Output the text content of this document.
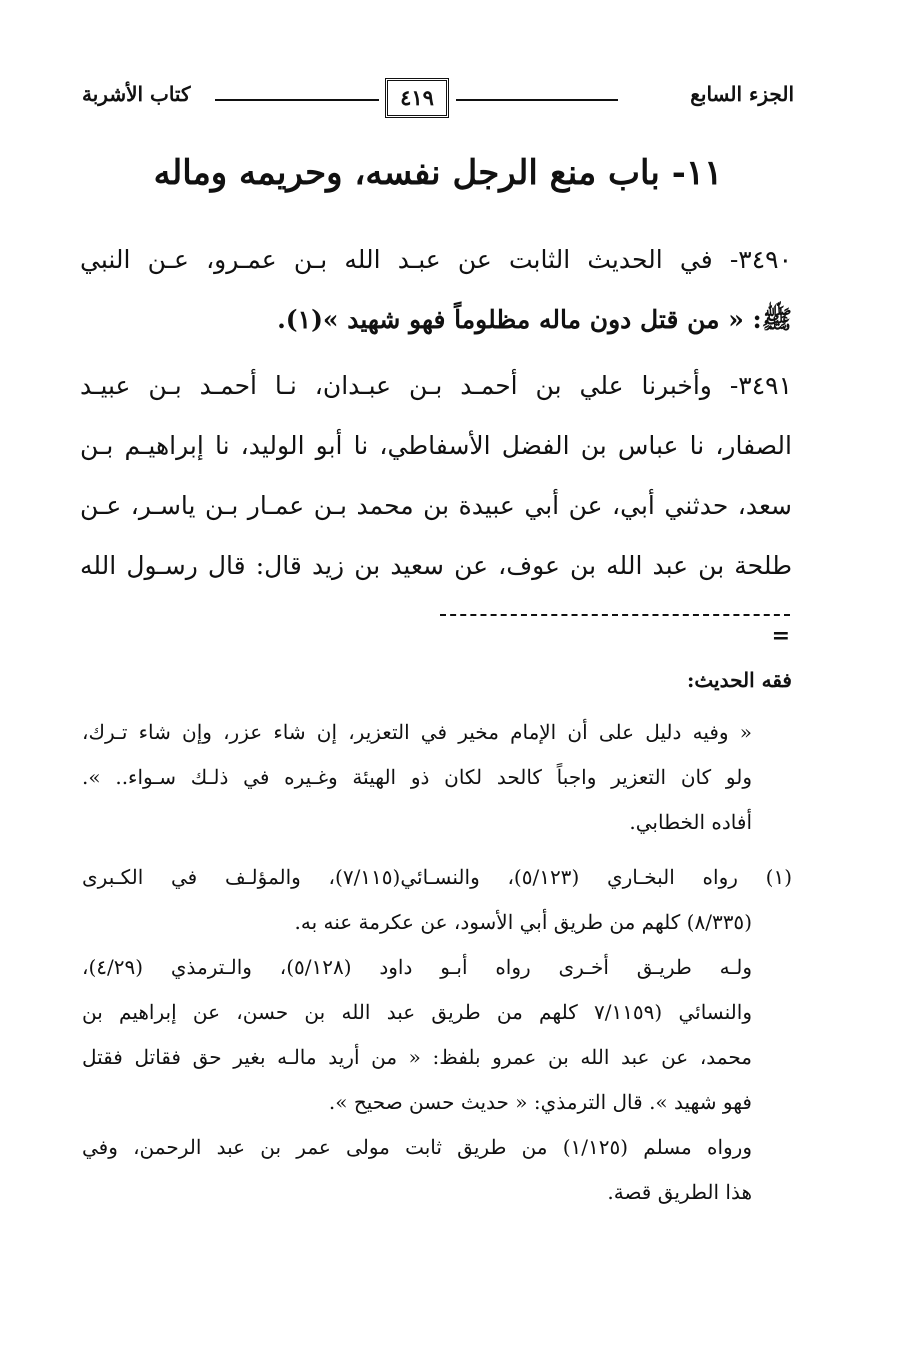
الجزء السابع
٤١٩
كتاب الأشربة
١١- باب منع الرجل نفسه، وحريمه وماله
٣٤٩٠- في الحديث الثابت عن عبـد الله بـن عمـرو، عـن النبي
ﷺ: « من قتل دون ماله مظلوماً فهو شهيد »(١).
٣٤٩١- وأخبرنا علي بن أحمـد بـن عبـدان، نـا أحمـد بـن عبيـد
الصفار، نا عباس بن الفضل الأسفاطي، نا أبو الوليد، نا إبراهيـم بـن
سعد، حدثني أبي، عن أبي عبيدة بن محمد بـن عمـار بـن ياسـر، عـن
طلحة بن عبد الله بن عوف، عن سعيد بن زيد قال: قال رسـول الله
=
فقه الحديث:
« وفيه دليل على أن الإمام مخير في التعزير، إن شاء عزر، وإن شاء تـرك،
ولو كان التعزير واجباً كالحد لكان ذو الهيئة وغـيره في ذلـك سـواء.. ».
أفاده الخطابي.
(١) رواه البخـاري (٥/١٢٣)، والنسـائي(٧/١١٥)، والمؤلـف في الكـبرى
(٨/٣٣٥) كلهم من طريق أبي الأسود، عن عكرمة عنه به.
ولـه طريـق أخـرى رواه أبـو داود (٥/١٢٨)، والـترمذي (٤/٢٩)،
والنسائي (٧/١١٥٩ كلهم من طريق عبد الله بن حسن، عن إبراهيم بن
محمد، عن عبد الله بن عمرو بلفظ: « من أريد مالـه بغير حق فقاتل فقتل
فهو شهيد ». قال الترمذي: « حديث حسن صحيح ».
ورواه مسلم (١/١٢٥) من طريق ثابت مولى عمر بن عبد الرحمن، وفي
هذا الطريق قصة.
